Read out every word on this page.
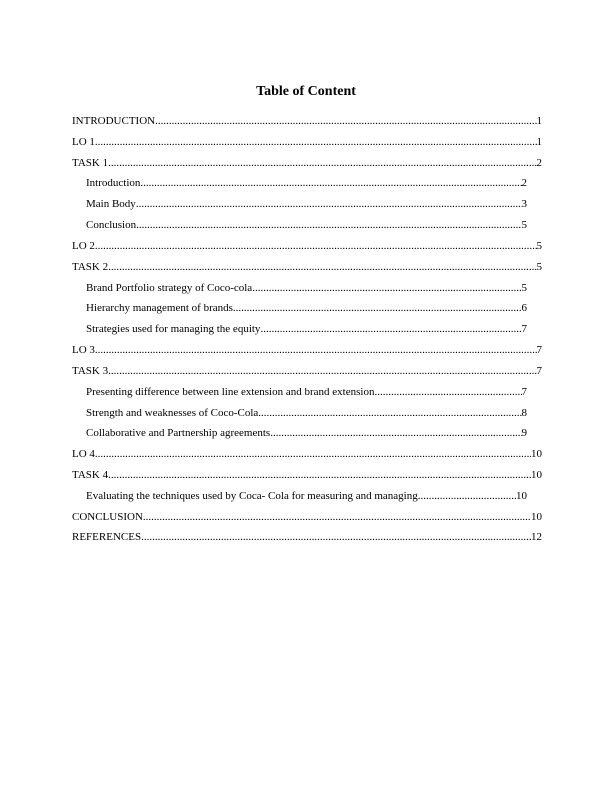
Table of Content
INTRODUCTION .....	1
LO 1 .....	1
TASK 1 .....	2
Introduction .....	2
Main Body .....	3
Conclusion .....	5
LO 2 .....	5
TASK 2 .....	5
Brand Portfolio strategy of Coco-cola .....	5
Hierarchy management of brands .....	6
Strategies used for managing the equity .....	7
LO 3 .....	7
TASK 3 .....	7
Presenting difference between line extension and brand extension .....	7
Strength and weaknesses of Coco-Cola .....	8
Collaborative and Partnership agreements .....	9
LO 4 .....	10
TASK 4 .....	10
Evaluating the techniques used by Coca- Cola for measuring and managing .....	10
CONCLUSION .....	10
REFERENCES .....	12
